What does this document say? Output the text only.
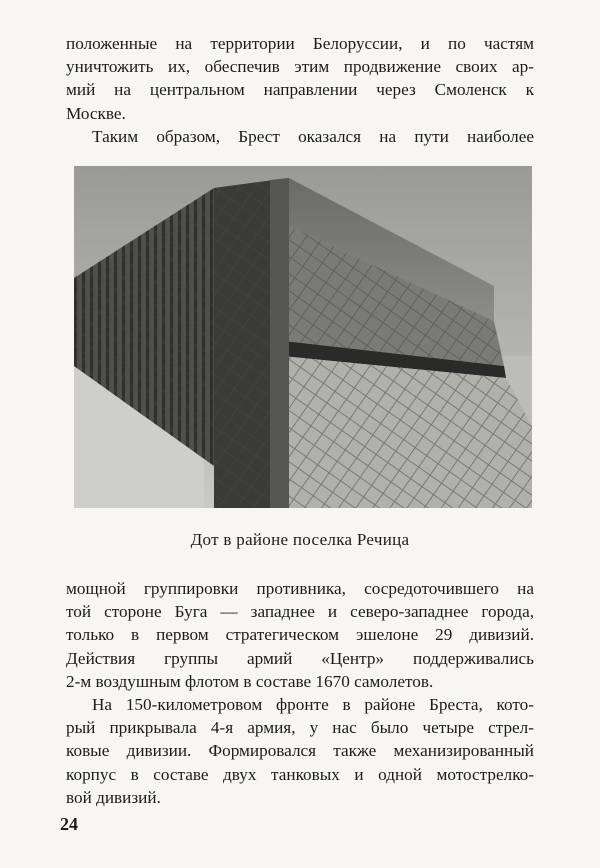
положенные на территории Белоруссии, и по частям
уничтожить их, обеспечив этим продвижение своих ар-
мий на центральном направлении через Смоленск к
Москве.
Таким образом, Брест оказался на пути наиболее
Дот в районе поселка Речица
мощной группировки противника, сосредоточившего на
той стороне Буга — западнее и северо-западнее города,
только в первом стратегическом эшелоне 29 дивизий.
Действия группы армий «Центр» поддерживались
2-м воздушным флотом в составе 1670 самолетов.
На 150-километровом фронте в районе Бреста, кото-
рый прикрывала 4-я армия, у нас было четыре стрел-
ковые дивизии. Формировался также механизированный
корпус в составе двух танковых и одной мотострелко-
вой дивизий.
24
